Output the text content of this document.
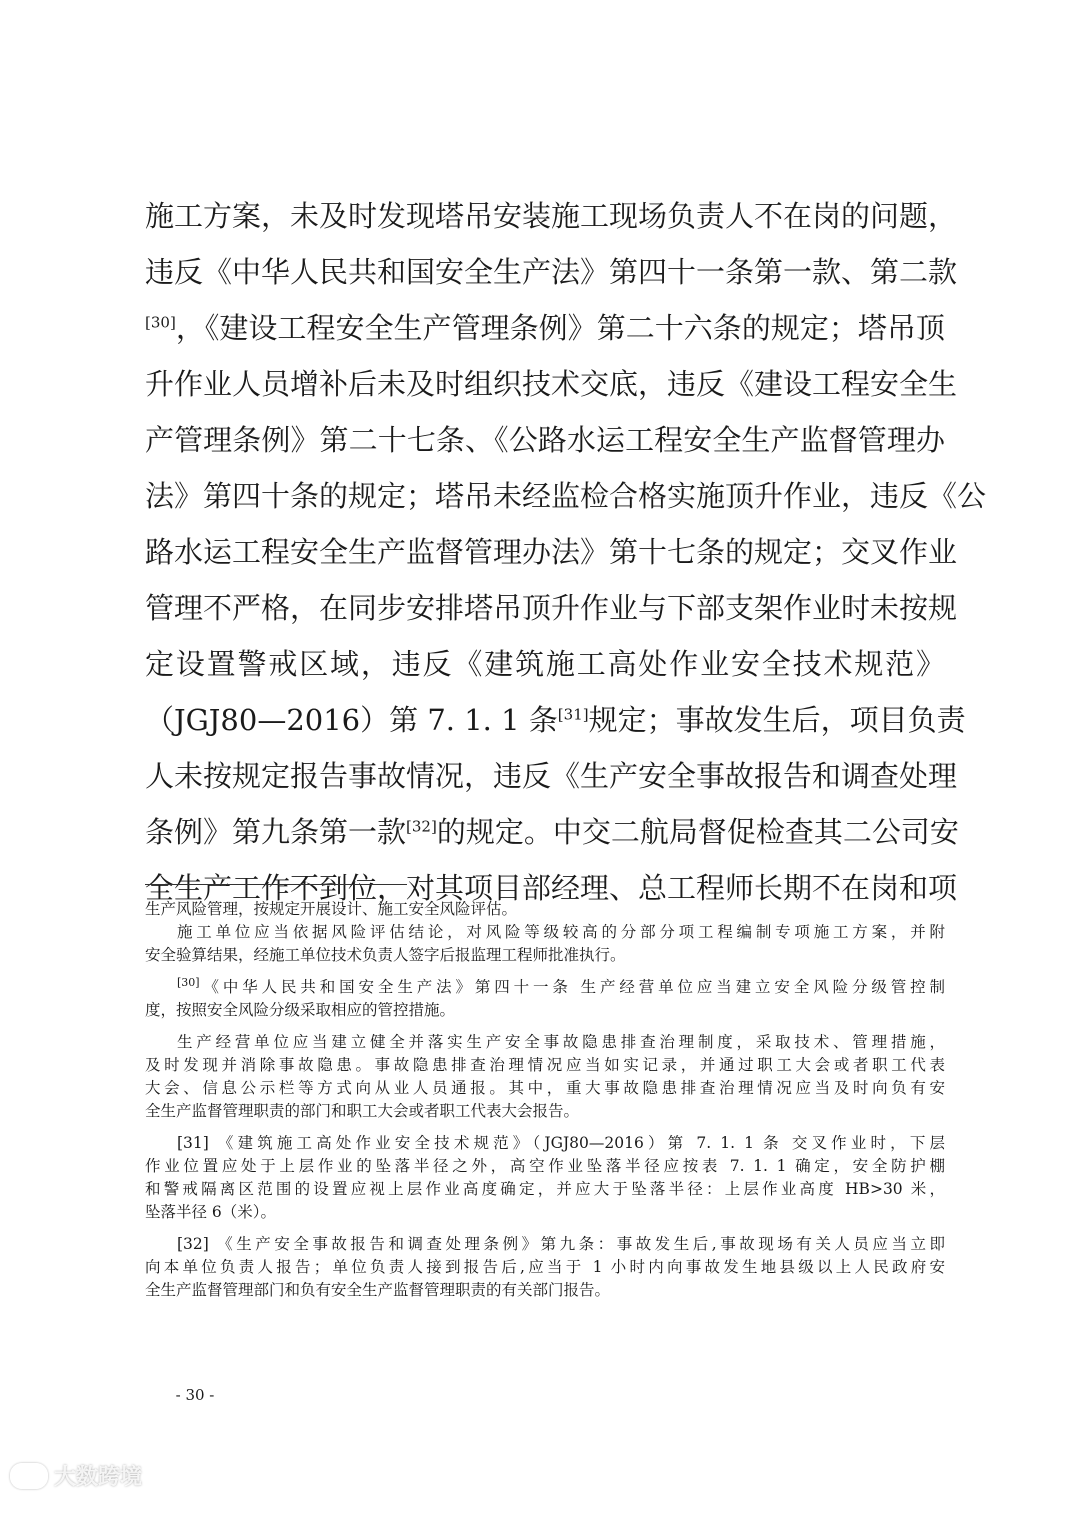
施工方案，未及时发现塔吊安装施工现场负责人不在岗的问题，
违反《中华人民共和国安全生产法》第四十一条第一款、第二款
[30]，《建设工程安全生产管理条例》第二十六条的规定；塔吊顶
升作业人员增补后未及时组织技术交底，违反《建设工程安全生
产管理条例》第二十七条、《公路水运工程安全生产监督管理办
法》第四十条的规定；塔吊未经监检合格实施顶升作业，违反《公
路水运工程安全生产监督管理办法》第十七条的规定；交叉作业
管理不严格，在同步安排塔吊顶升作业与下部支架作业时未按规
定设置警戒区域，违反《建筑施工高处作业安全技术规范》
（JGJ80—2016）第 7. 1. 1 条[31]规定；事故发生后，项目负责
人未按规定报告事故情况，违反《生产安全事故报告和调查处理
条例》第九条第一款[32]的规定。中交二航局督促检查其二公司安
全生产工作不到位，对其项目部经理、总工程师长期不在岗和项
生产风险管理，按规定开展设计、施工安全风险评估。
施工单位应当依据风险评估结论，对风险等级较高的分部分项工程编制专项施工方案，并附
安全验算结果，经施工单位技术负责人签字后报监理工程师批准执行。
[30]《中华人民共和国安全生产法》第四十一条 生产经营单位应当建立安全风险分级管控制
度，按照安全风险分级采取相应的管控措施。
生产经营单位应当建立健全并落实生产安全事故隐患排查治理制度，采取技术、管理措施，
及时发现并消除事故隐患。事故隐患排查治理情况应当如实记录，并通过职工大会或者职工代表
大会、信息公示栏等方式向从业人员通报。其中，重大事故隐患排查治理情况应当及时向负有安
全生产监督管理职责的部门和职工大会或者职工代表大会报告。
[31] 《建筑施工高处作业安全技术规范》（JGJ80—2016）第 7. 1. 1 条 交叉作业时，下层
作业位置应处于上层作业的坠落半径之外，高空作业坠落半径应按表 7. 1. 1 确定，安全防护棚
和警戒隔离区范围的设置应视上层作业高度确定，并应大于坠落半径：上层作业高度 HB>30 米，
坠落半径 6（米）。
[32] 《生产安全事故报告和调查处理条例》第九条：事故发生后,事故现场有关人员应当立即
向本单位负责人报告；单位负责人接到报告后,应当于 1 小时内向事故发生地县级以上人民政府安
全生产监督管理部门和负有安全生产监督管理职责的有关部门报告。
- 30 -
大数跨境
